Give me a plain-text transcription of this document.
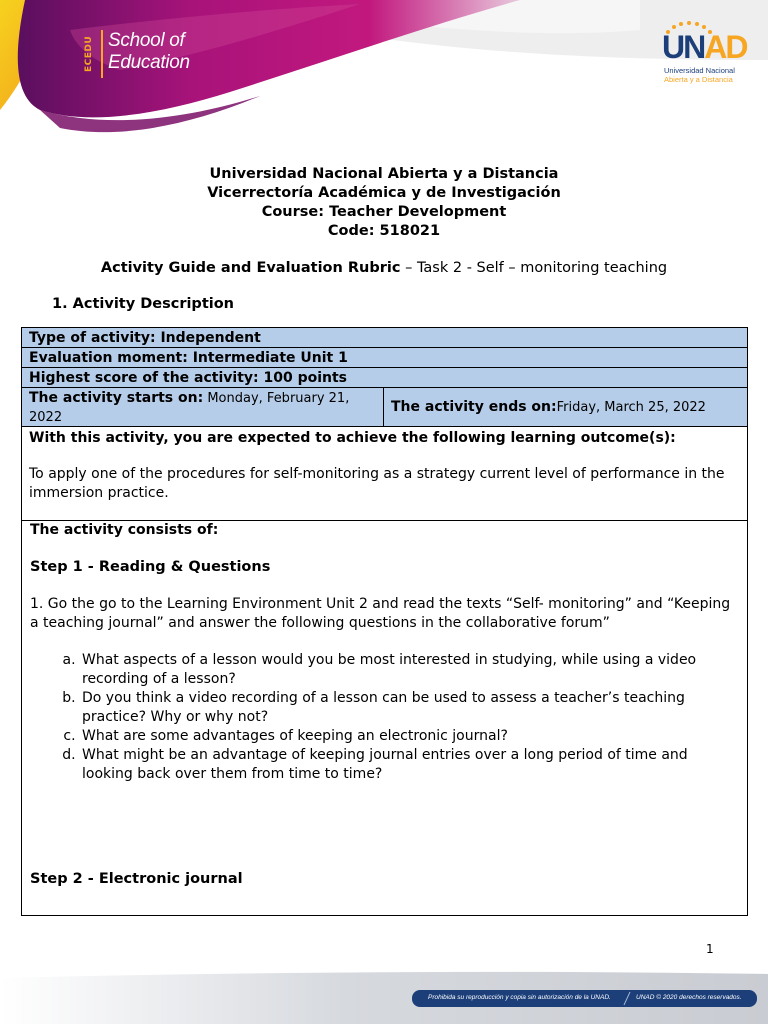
ECEDU School of
Education	UNAD
Universidad Nacional
Abierta y a Distancia
Universidad Nacional Abierta y a Distancia
Vicerrectoría Académica y de Investigación
Course: Teacher Development
Code: 518021
Activity Guide and Evaluation Rubric – Task 2 - Self – monitoring teaching
1. Activity Description
Type of activity: Independent
Evaluation moment: Intermediate Unit 1
Highest score of the activity: 100 points
The activity starts on: Monday, February 21, 2022
The activity ends on: Friday, March 25, 2022
With this activity, you are expected to achieve the following learning outcome(s):
To apply one of the procedures for self-monitoring as a strategy current level of performance in the immersion practice.
The activity consists of:
Step 1 - Reading & Questions
1. Go the go to the Learning Environment Unit 2 and read the texts “Self- monitoring” and “Keeping a teaching journal” and answer the following questions in the collaborative forum”
a. What aspects of a lesson would you be most interested in studying, while using a video recording of a lesson?
b. Do you think a video recording of a lesson can be used to assess a teacher’s teaching practice? Why or why not?
c. What are some advantages of keeping an electronic journal?
d. What might be an advantage of keeping journal entries over a long period of time and looking back over them from time to time?
Step 2 - Electronic journal
1
Prohibida su reproducción y copia sin autorización de la UNAD.	UNAD © 2020 derechos reservados.
